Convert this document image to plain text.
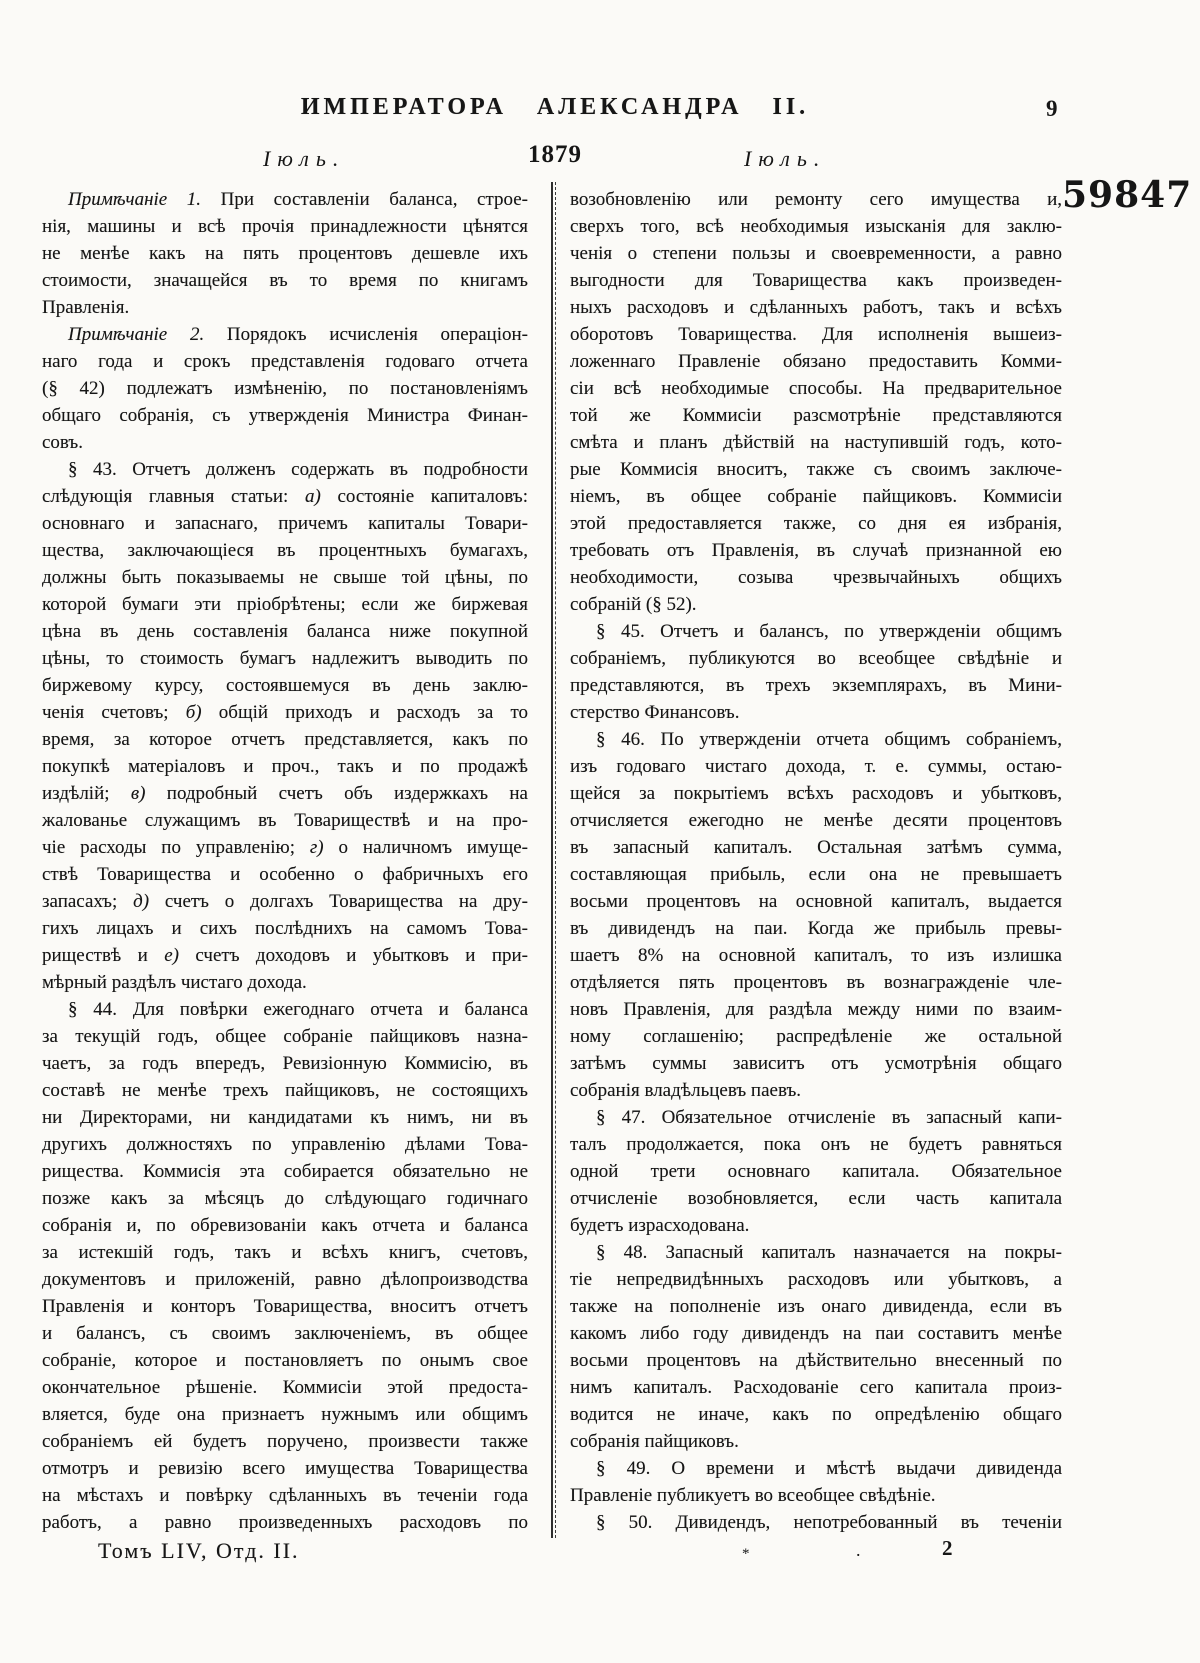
ИМПЕРАТОРА АЛЕКСАНДРА II.	9
Іюль.	1879	Іюль.
59847
Примѣчаніе 1. При составленіи баланса, строе-
нія, машины и всѣ прочія принадлежности цѣнятся
не менѣе какъ на пять процентовъ дешевле ихъ
стоимости, значащейся въ то время по книгамъ
Правленія.
Примѣчаніе 2. Порядокъ исчисленія операціон-
наго года и срокъ представленія годоваго отчета
(§ 42) подлежатъ измѣненію, по постановленіямъ
общаго собранія, съ утвержденія Министра Финан-
совъ.
§ 43. Отчетъ долженъ содержать въ подробности
слѣдующія главныя статьи: а) состояніе капиталовъ:
основнаго и запаснаго, причемъ капиталы Товари-
щества, заключающіеся въ процентныхъ бумагахъ,
должны быть показываемы не свыше той цѣны, по
которой бумаги эти пріобрѣтены; если же биржевая
цѣна въ день составленія баланса ниже покупной
цѣны, то стоимость бумагъ надлежитъ выводить по
биржевому курсу, состоявшемуся въ день заклю-
ченія счетовъ; б) общій приходъ и расходъ за то
время, за которое отчетъ представляется, какъ по
покупкѣ матеріаловъ и проч., такъ и по продажѣ
издѣлій; в) подробный счетъ объ издержкахъ на
жалованье служащимъ въ Товариществѣ и на про-
чіе расходы по управленію; г) о наличномъ имуще-
ствѣ Товарищества и особенно о фабричныхъ его
запасахъ; д) счетъ о долгахъ Товарищества на дру-
гихъ лицахъ и сихъ послѣднихъ на самомъ Това-
риществѣ и е) счетъ доходовъ и убытковъ и при-
мѣрный раздѣлъ чистаго дохода.
§ 44. Для повѣрки ежегоднаго отчета и баланса
за текущій годъ, общее собраніе пайщиковъ назна-
чаетъ, за годъ впередъ, Ревизіонную Коммисію, въ
составѣ не менѣе трехъ пайщиковъ, не состоящихъ
ни Директорами, ни кандидатами къ нимъ, ни въ
другихъ должностяхъ по управленію дѣлами Това-
рищества. Коммисія эта собирается обязательно не
позже какъ за мѣсяцъ до слѣдующаго годичнаго
собранія и, по обревизованіи какъ отчета и баланса
за истекшій годъ, такъ и всѣхъ книгъ, счетовъ,
документовъ и приложеній, равно дѣлопроизводства
Правленія и конторъ Товарищества, вноситъ отчетъ
и балансъ, съ своимъ заключеніемъ, въ общее
собраніе, которое и постановляетъ по онымъ свое
окончательное рѣшеніе. Коммисіи этой предоста-
вляется, буде она признаетъ нужнымъ или общимъ
собраніемъ ей будетъ поручено, произвести также
отмотръ и ревизію всего имущества Товарищества
на мѣстахъ и повѣрку сдѣланныхъ въ теченіи года
работъ, а равно произведенныхъ расходовъ по
возобновленію или ремонту сего имущества и,
сверхъ того, всѣ необходимыя изысканія для заклю-
ченія о степени пользы и своевременности, а равно
выгодности для Товарищества какъ произведен-
ныхъ расходовъ и сдѣланныхъ работъ, такъ и всѣхъ
оборотовъ Товарищества. Для исполненія вышеиз-
ложеннаго Правленіе обязано предоставить Комми-
сіи всѣ необходимые способы. На предварительное
той же Коммисіи разсмотрѣніе представляются
смѣта и планъ дѣйствій на наступившій годъ, кото-
рые Коммисія вноситъ, также съ своимъ заключе-
ніемъ, въ общее собраніе пайщиковъ. Коммисіи
этой предоставляется также, со дня ея избранія,
требовать отъ Правленія, въ случаѣ признанной ею
необходимости, созыва чрезвычайныхъ общихъ
собраній (§ 52).
§ 45. Отчетъ и балансъ, по утвержденіи общимъ
собраніемъ, публикуются во всеобщее свѣдѣніе и
представляются, въ трехъ экземплярахъ, въ Мини-
стерство Финансовъ.
§ 46. По утвержденіи отчета общимъ собраніемъ,
изъ годоваго чистаго дохода, т. е. суммы, остаю-
щейся за покрытіемъ всѣхъ расходовъ и убытковъ,
отчисляется ежегодно не менѣе десяти процентовъ
въ запасный капиталъ. Остальная затѣмъ сумма,
составляющая прибыль, если она не превышаетъ
восьми процентовъ на основной капиталъ, выдается
въ дивидендъ на паи. Когда же прибыль превы-
шаетъ 8% на основной капиталъ, то изъ излишка
отдѣляется пять процентовъ въ вознагражденіе чле-
новъ Правленія, для раздѣла между ними по взаим-
ному соглашенію; распредѣленіе же остальной
затѣмъ суммы зависитъ отъ усмотрѣнія общаго
собранія владѣльцевъ паевъ.
§ 47. Обязательное отчисленіе въ запасный капи-
талъ продолжается, пока онъ не будетъ равняться
одной трети основнаго капитала. Обязательное
отчисленіе возобновляется, если часть капитала
будетъ израсходована.
§ 48. Запасный капиталъ назначается на покры-
тіе непредвидѣнныхъ расходовъ или убытковъ, а
также на пополненіе изъ онаго дивиденда, если въ
какомъ либо году дивидендъ на паи составитъ менѣе
восьми процентовъ на дѣйствительно внесенный по
нимъ капиталъ. Расходованіе сего капитала произ-
водится не иначе, какъ по опредѣленію общаго
собранія пайщиковъ.
§ 49. О времени и мѣстѣ выдачи дивиденда
Правленіе публикуетъ во всеобщее свѣдѣніе.
§ 50. Дивидендъ, непотребованный въ теченіи
Томъ LIV, Отд. II.	*	.	2
